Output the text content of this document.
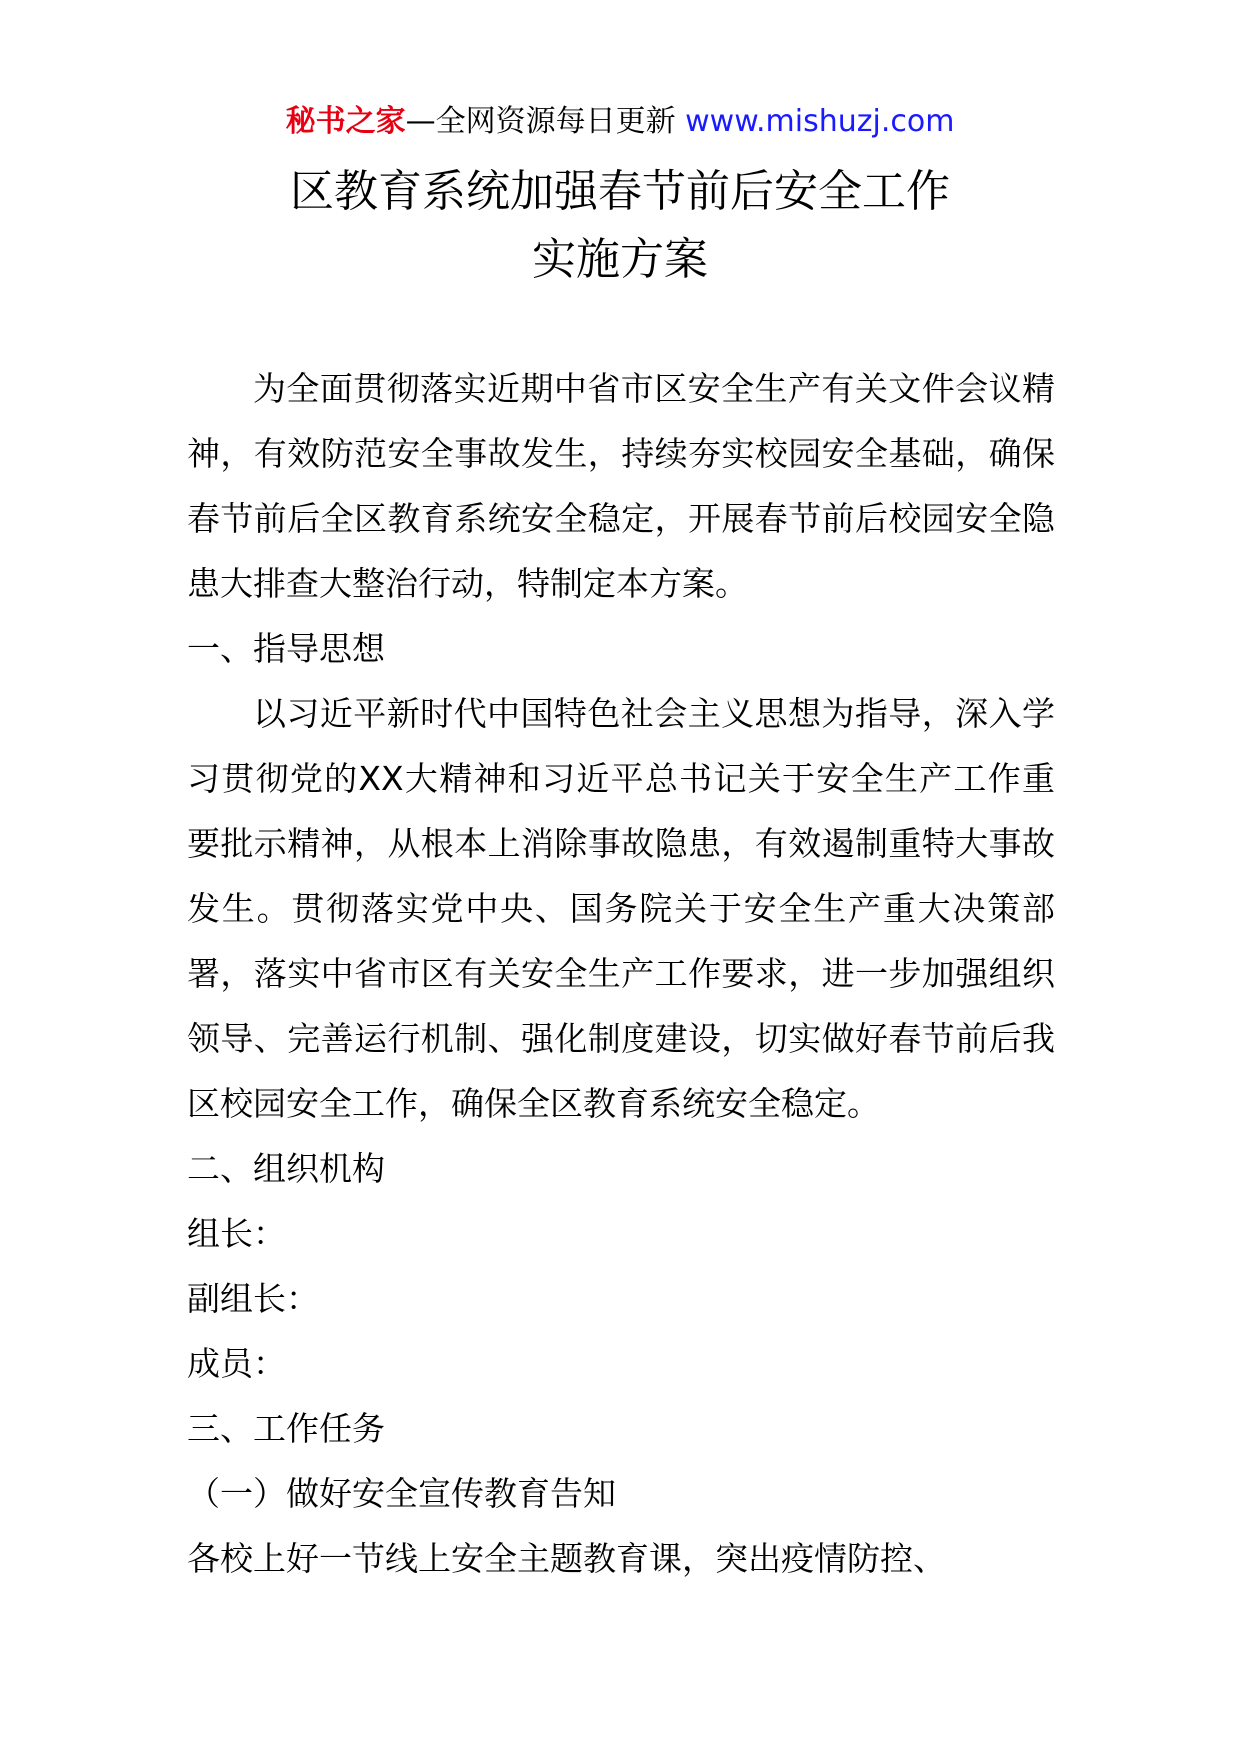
秘书之家—全网资源每日更新 www.mishuzj.com
区教育系统加强春节前后安全工作
实施方案

为全面贯彻落实近期中省市区安全生产有关文件会议精神，有效防范安全事故发生，持续夯实校园安全基础，确保春节前后全区教育系统安全稳定，开展春节前后校园安全隐患大排查大整治行动，特制定本方案。

一、指导思想

以习近平新时代中国特色社会主义思想为指导，深入学习贯彻党的XX大精神和习近平总书记关于安全生产工作重要批示精神，从根本上消除事故隐患，有效遏制重特大事故发生。贯彻落实党中央、国务院关于安全生产重大决策部署，落实中省市区有关安全生产工作要求，进一步加强组织领导、完善运行机制、强化制度建设，切实做好春节前后我区校园安全工作，确保全区教育系统安全稳定。

二、组织机构

组长：

副组长：

成员：

三、工作任务

（一）做好安全宣传教育告知

各校上好一节线上安全主题教育课，突出疫情防控、
